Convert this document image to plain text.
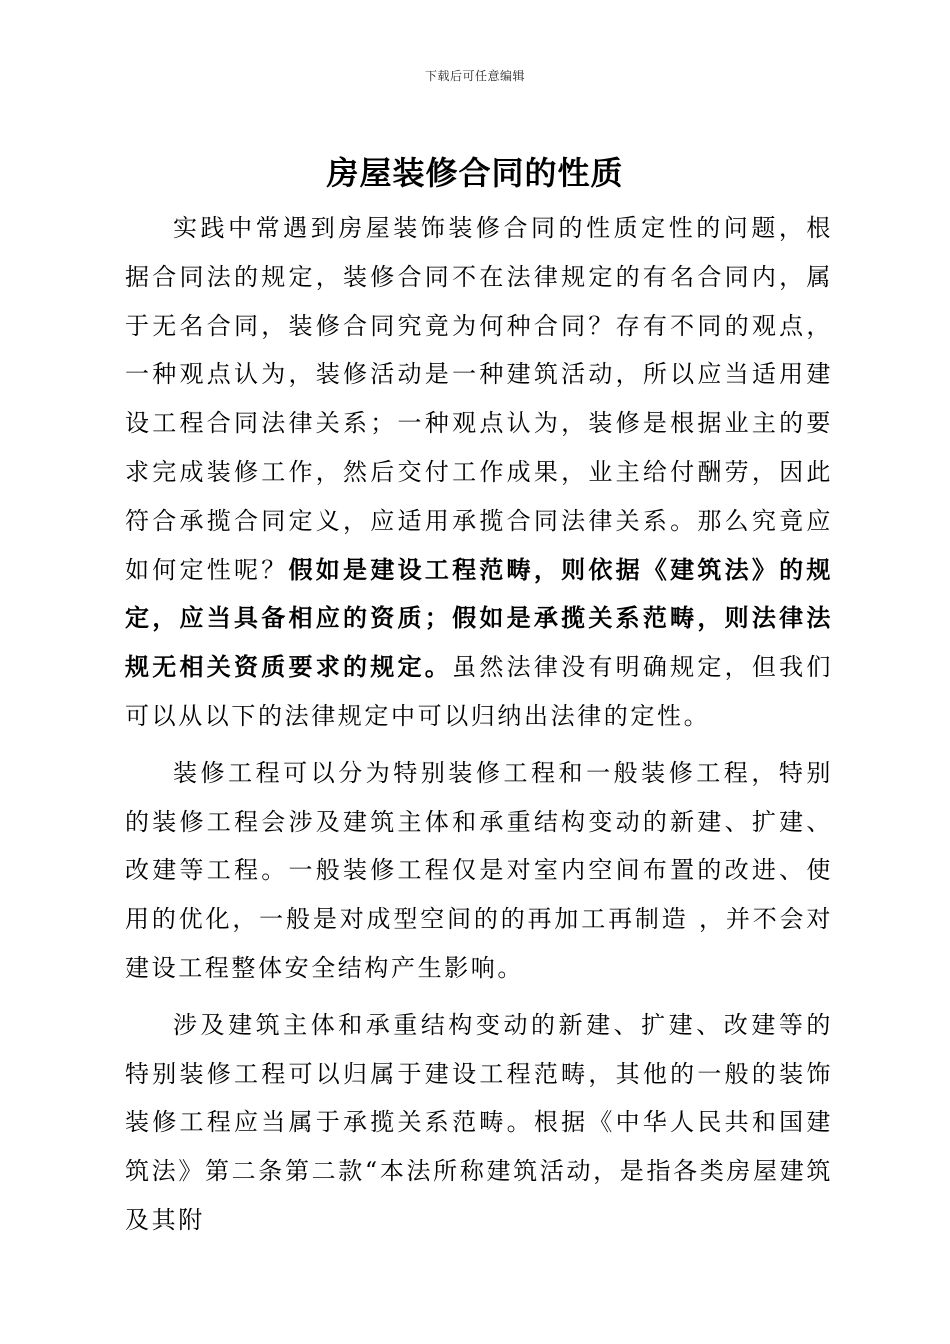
下载后可任意编辑
房屋装修合同的性质

实践中常遇到房屋装饰装修合同的性质定性的问题，根据合同法的规定，装修合同不在法律规定的有名合同内，属于无名合同，装修合同究竟为何种合同？存有不同的观点，一种观点认为，装修活动是一种建筑活动，所以应当适用建设工程合同法律关系；一种观点认为，装修是根据业主的要求完成装修工作，然后交付工作成果，业主给付酬劳，因此符合承揽合同定义，应适用承揽合同法律关系。那么究竟应如何定性呢？假如是建设工程范畴，则依据《建筑法》的规定，应当具备相应的资质；假如是承揽关系范畴，则法律法规无相关资质要求的规定。虽然法律没有明确规定，但我们可以从以下的法律规定中可以归纳出法律的定性。

装修工程可以分为特别装修工程和一般装修工程，特别的装修工程会涉及建筑主体和承重结构变动的新建、扩建、改建等工程。一般装修工程仅是对室内空间布置的改进、使用的优化，一般是对成型空间的的再加工再制造 ，并不会对建设工程整体安全结构产生影响。

涉及建筑主体和承重结构变动的新建、扩建、改建等的特别装修工程可以归属于建设工程范畴，其他的一般的装饰装修工程应当属于承揽关系范畴。根据《中华人民共和国建筑法》第二条第二款“本法所称建筑活动，是指各类房屋建筑及其附
